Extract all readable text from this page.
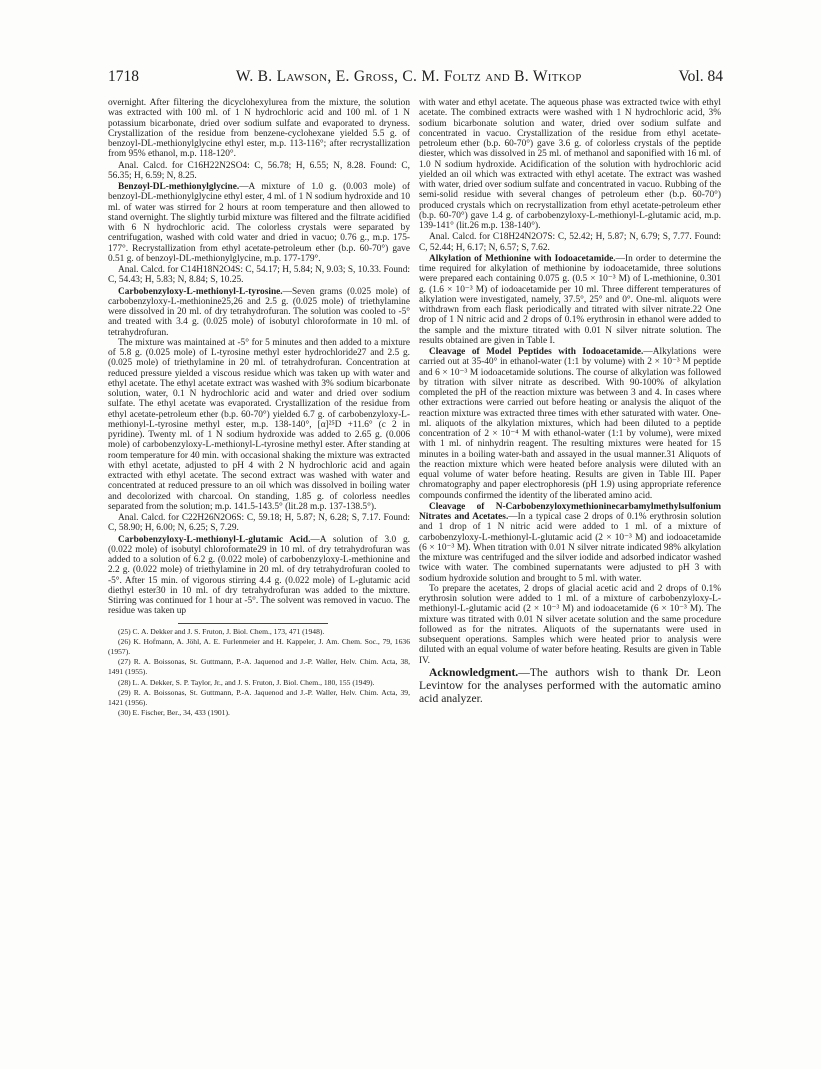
1718	W. B. Lawson, E. Gross, C. M. Foltz and B. Witkop	Vol. 84

overnight. After filtering the dicyclohexylurea from the mixture, the solution was extracted with 100 ml. of 1 N hydrochloric acid and 100 ml. of 1 N potassium bicarbonate, dried over sodium sulfate and evaporated to dryness. Crystallization of the residue from benzene-cyclohexane yielded 5.5 g. of benzoyl-DL-methionylglycine ethyl ester, m.p. 113-116°; after recrystallization from 95% ethanol, m.p. 118-120°.

Anal. Calcd. for C16H22N2SO4: C, 56.78; H, 6.55; N, 8.28. Found: C, 56.35; H, 6.59; N, 8.25.

Benzoyl-DL-methionylglycine.—A mixture of 1.0 g. (0.003 mole) of benzoyl-DL-methionylglycine ethyl ester, 4 ml. of 1 N sodium hydroxide and 10 ml. of water was stirred for 2 hours at room temperature and then allowed to stand overnight. The slightly turbid mixture was filtered and the filtrate acidified with 6 N hydrochloric acid. The colorless crystals were separated by centrifugation, washed with cold water and dried in vacuo; 0.76 g., m.p. 175-177°. Recrystallization from ethyl acetate-petroleum ether (b.p. 60-70°) gave 0.51 g. of benzoyl-DL-methionylglycine, m.p. 177-179°.

Anal. Calcd. for C14H18N2O4S: C, 54.17; H, 5.84; N, 9.03; S, 10.33. Found: C, 54.43; H, 5.83; N, 8.84; S, 10.25.

Carbobenzyloxy-L-methionyl-L-tyrosine.—Seven grams (0.025 mole) of carbobenzyloxy-L-methionine25,26 and 2.5 g. (0.025 mole) of triethylamine were dissolved in 20 ml. of dry tetrahydrofuran. The solution was cooled to -5° and treated with 3.4 g. (0.025 mole) of isobutyl chloroformate in 10 ml. of tetrahydrofuran.

The mixture was maintained at -5° for 5 minutes and then added to a mixture of 5.8 g. (0.025 mole) of L-tyrosine methyl ester hydrochloride27 and 2.5 g. (0.025 mole) of triethylamine in 20 ml. of tetrahydrofuran. Concentration at reduced pressure yielded a viscous residue which was taken up with water and ethyl acetate. The ethyl acetate extract was washed with 3% sodium bicarbonate solution, water, 0.1 N hydrochloric acid and water and dried over sodium sulfate. The ethyl acetate was evaporated. Crystallization of the residue from ethyl acetate-petroleum ether (b.p. 60-70°) yielded 6.7 g. of carbobenzyloxy-L-methionyl-L-tyrosine methyl ester, m.p. 138-140°, [α]²⁵D +11.6° (c 2 in pyridine). Twenty ml. of 1 N sodium hydroxide was added to 2.65 g. (0.006 mole) of carbobenzyloxy-L-methionyl-L-tyrosine methyl ester. After standing at room temperature for 40 min. with occasional shaking the mixture was extracted with ethyl acetate, adjusted to pH 4 with 2 N hydrochloric acid and again extracted with ethyl acetate. The second extract was washed with water and concentrated at reduced pressure to an oil which was dissolved in boiling water and decolorized with charcoal. On standing, 1.85 g. of colorless needles separated from the solution; m.p. 141.5-143.5° (lit.28 m.p. 137-138.5°).

Anal. Calcd. for C22H26N2O6S: C, 59.18; H, 5.87; N, 6.28; S, 7.17. Found: C, 58.90; H, 6.00; N, 6.25; S, 7.29.

Carbobenzyloxy-L-methionyl-L-glutamic Acid.—A solution of 3.0 g. (0.022 mole) of isobutyl chloroformate29 in 10 ml. of dry tetrahydrofuran was added to a solution of 6.2 g. (0.022 mole) of carbobenzyloxy-L-methionine and 2.2 g. (0.022 mole) of triethylamine in 20 ml. of dry tetrahydrofuran cooled to -5°. After 15 min. of vigorous stirring 4.4 g. (0.022 mole) of L-glutamic acid diethyl ester30 in 10 ml. of dry tetrahydrofuran was added to the mixture. Stirring was continued for 1 hour at -5°. The solvent was removed in vacuo. The residue was taken up

(25) C. A. Dekker and J. S. Fruton, J. Biol. Chem., 173, 471 (1948).

(26) K. Hofmann, A. Jöhl, A. E. Furlenmeier and H. Kappeler, J. Am. Chem. Soc., 79, 1636 (1957).

(27) R. A. Boissonas, St. Guttmann, P.-A. Jaquenod and J.-P. Waller, Helv. Chim. Acta, 38, 1491 (1955).

(28) L. A. Dekker, S. P. Taylor, Jr., and J. S. Fruton, J. Biol. Chem., 180, 155 (1949).

(29) R. A. Boissonas, St. Guttmann, P.-A. Jaquenod and J.-P. Waller, Helv. Chim. Acta, 39, 1421 (1956).

(30) E. Fischer, Ber., 34, 433 (1901).

with water and ethyl acetate. The aqueous phase was extracted twice with ethyl acetate. The combined extracts were washed with 1 N hydrochloric acid, 3% sodium bicarbonate solution and water, dried over sodium sulfate and concentrated in vacuo. Crystallization of the residue from ethyl acetate-petroleum ether (b.p. 60-70°) gave 3.6 g. of colorless crystals of the peptide diester, which was dissolved in 25 ml. of methanol and saponified with 16 ml. of 1.0 N sodium hydroxide. Acidification of the solution with hydrochloric acid yielded an oil which was extracted with ethyl acetate. The extract was washed with water, dried over sodium sulfate and concentrated in vacuo. Rubbing of the semi-solid residue with several changes of petroleum ether (b.p. 60-70°) produced crystals which on recrystallization from ethyl acetate-petroleum ether (b.p. 60-70°) gave 1.4 g. of carbobenzyloxy-L-methionyl-L-glutamic acid, m.p. 139-141° (lit.26 m.p. 138-140°).

Anal. Calcd. for C18H24N2O7S: C, 52.42; H, 5.87; N, 6.79; S, 7.77. Found: C, 52.44; H, 6.17; N, 6.57; S, 7.62.

Alkylation of Methionine with Iodoacetamide.—In order to determine the time required for alkylation of methionine by iodoacetamide, three solutions were prepared each containing 0.075 g. (0.5 × 10⁻³ M) of L-methionine, 0.301 g. (1.6 × 10⁻³ M) of iodoacetamide per 10 ml. Three different temperatures of alkylation were investigated, namely, 37.5°, 25° and 0°. One-ml. aliquots were withdrawn from each flask periodically and titrated with silver nitrate.22 One drop of 1 N nitric acid and 2 drops of 0.1% erythrosin in ethanol were added to the sample and the mixture titrated with 0.01 N silver nitrate solution. The results obtained are given in Table I.

Cleavage of Model Peptides with Iodoacetamide.—Alkylations were carried out at 35-40° in ethanol-water (1:1 by volume) with 2 × 10⁻³ M peptide and 6 × 10⁻³ M iodoacetamide solutions. The course of alkylation was followed by titration with silver nitrate as described. With 90-100% of alkylation completed the pH of the reaction mixture was between 3 and 4. In cases where other extractions were carried out before heating or analysis the aliquot of the reaction mixture was extracted three times with ether saturated with water. One-ml. aliquots of the alkylation mixtures, which had been diluted to a peptide concentration of 2 × 10⁻⁴ M with ethanol-water (1:1 by volume), were mixed with 1 ml. of ninhydrin reagent. The resulting mixtures were heated for 15 minutes in a boiling water-bath and assayed in the usual manner.31 Aliquots of the reaction mixture which were heated before analysis were diluted with an equal volume of water before heating. Results are given in Table III. Paper chromatography and paper electrophoresis (pH 1.9) using appropriate reference compounds confirmed the identity of the liberated amino acid.

Cleavage of N-Carbobenzyloxymethioninecarbamylmethylsulfonium Nitrates and Acetates.—In a typical case 2 drops of 0.1% erythrosin solution and 1 drop of 1 N nitric acid were added to 1 ml. of a mixture of carbobenzyloxy-L-methionyl-L-glutamic acid (2 × 10⁻³ M) and iodoacetamide (6 × 10⁻³ M). When titration with 0.01 N silver nitrate indicated 98% alkylation the mixture was centrifuged and the silver iodide and adsorbed indicator washed twice with water. The combined supernatants were adjusted to pH 3 with sodium hydroxide solution and brought to 5 ml. with water.

To prepare the acetates, 2 drops of glacial acetic acid and 2 drops of 0.1% erythrosin solution were added to 1 ml. of a mixture of carbobenzyloxy-L-methionyl-L-glutamic acid (2 × 10⁻³ M) and iodoacetamide (6 × 10⁻³ M). The mixture was titrated with 0.01 N silver acetate solution and the same procedure followed as for the nitrates. Aliquots of the supernatants were used in subsequent operations. Samples which were heated prior to analysis were diluted with an equal volume of water before heating. Results are given in Table IV.

Acknowledgment.—The authors wish to thank Dr. Leon Levintow for the analyses performed with the automatic amino acid analyzer.
